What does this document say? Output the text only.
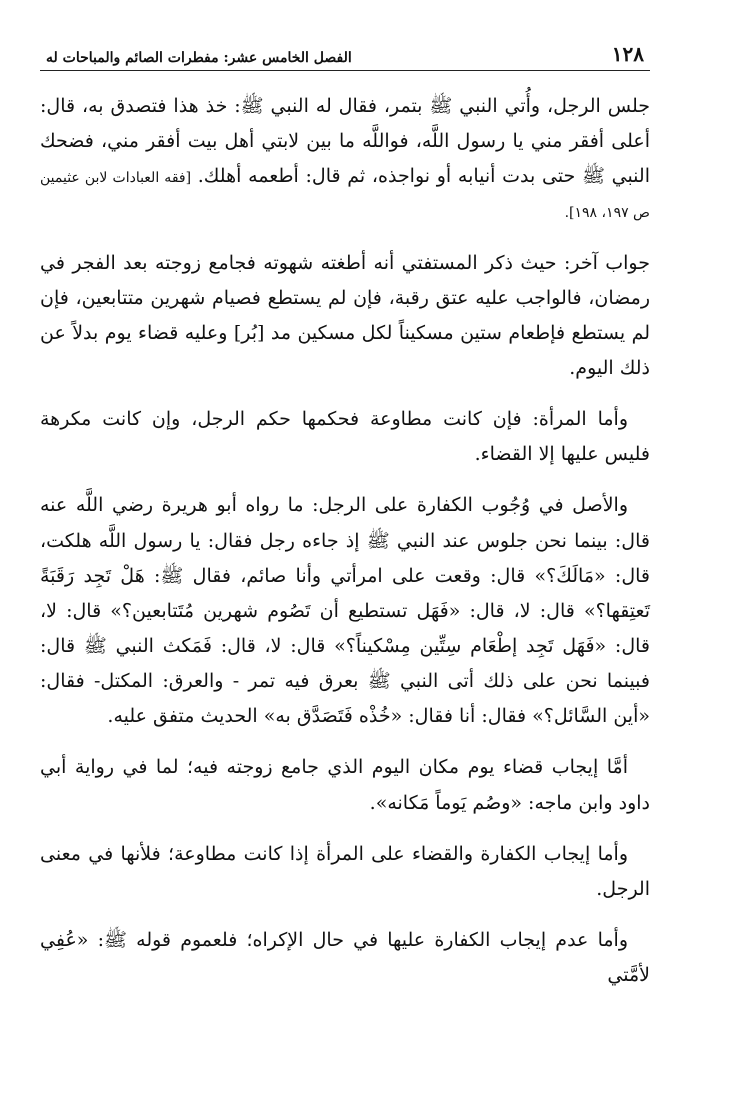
١٢٨
الفصل الخامس عشر: مفطرات الصائم والمباحات له

جلس الرجل، وأُتي النبي ﷺ بتمر، فقال له النبي ﷺ: خذ هذا فتصدق به، قال: أعلى أفقر مني يا رسول اللَّه، فواللَّه ما بين لابتي أهل بيت أفقر مني، فضحك النبي ﷺ حتى بدت أنيابه أو نواجذه، ثم قال: أطعمه أهلك. [فقه العبادات لابن عثيمين ص ١٩٧، ١٩٨].

جواب آخر: حيث ذكر المستفتي أنه أطغته شهوته فجامع زوجته بعد الفجر في رمضان، فالواجب عليه عتق رقبة، فإن لم يستطع فصيام شهرين متتابعين، فإن لم يستطع فإطعام ستين مسكيناً لكل مسكين مد [بُر] وعليه قضاء يوم بدلاً عن ذلك اليوم.

وأما المرأة: فإن كانت مطاوعة فحكمها حكم الرجل، وإن كانت مكرهة فليس عليها إلا القضاء.

والأصل في وُجُوب الكفارة على الرجل: ما رواه أبو هريرة رضي اللَّه عنه قال: بينما نحن جلوس عند النبي ﷺ إذ جاءه رجل فقال: يا رسول اللَّه هلكت، قال: «مَالَكَ؟» قال: وقعت على امرأتي وأنا صائم، فقال ﷺ: هَلْ تَجِد رَقَبَةً تَعتِقها؟» قال: لا، قال: «فَهَل تستطيع أن تَصُوم شهرين مُتَتابعين؟» قال: لا، قال: «فَهَل تَجِد إطْعَام سِتِّين مِسْكيناً؟» قال: لا، قال: فَمَكث النبي ﷺ قال: فبينما نحن على ذلك أتى النبي ﷺ بعرق فيه تمر - والعرق: المكتل- فقال: «أين السَّائل؟» فقال: أنا فقال: «خُذْه فَتَصَدَّق به» الحديث متفق عليه.

أمَّا إيجاب قضاء يوم مكان اليوم الذي جامع زوجته فيه؛ لما في رواية أبي داود وابن ماجه: «وصُم يَوماً مَكانه».

وأما إيجاب الكفارة والقضاء على المرأة إذا كانت مطاوعة؛ فلأنها في معنى الرجل.

وأما عدم إيجاب الكفارة عليها في حال الإكراه؛ فلعموم قوله ﷺ: «عُفِي لأمَّتي
